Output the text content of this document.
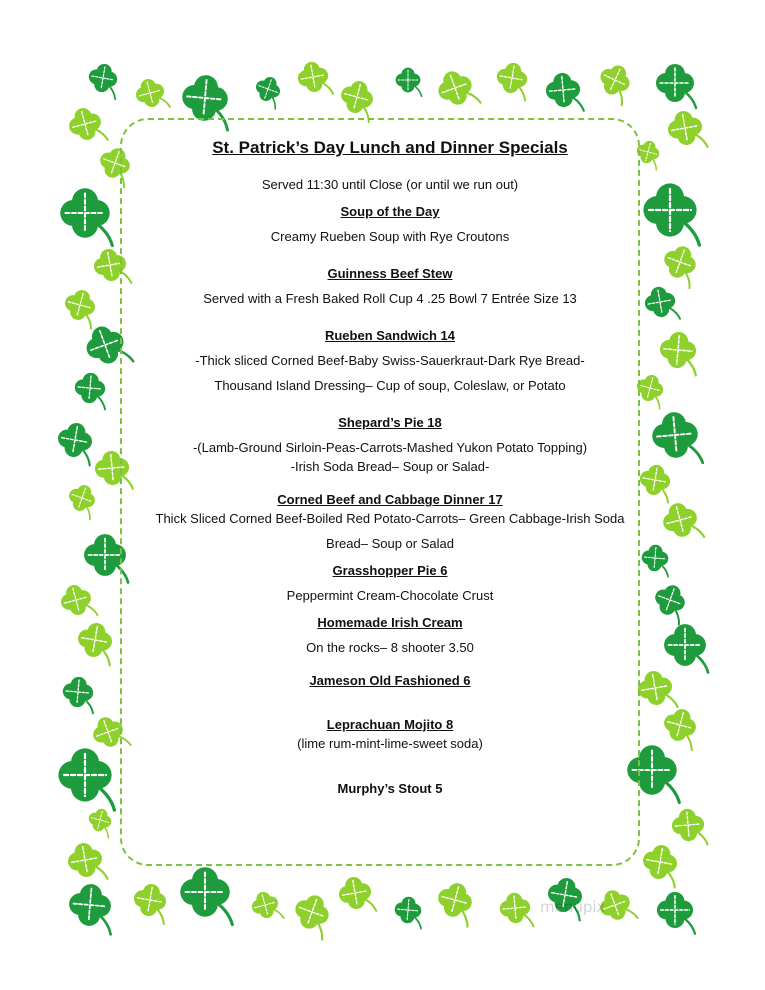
St. Patrick’s Day Lunch and Dinner Specials

Served 11:30 until Close (or until we run out)

Soup of the Day

Creamy Rueben Soup with Rye Croutons

Guinness Beef Stew

Served with a Fresh Baked Roll Cup 4 .25 Bowl 7 Entrée Size 13

Rueben Sandwich 14

-Thick sliced Corned Beef-Baby Swiss-Sauerkraut-Dark Rye Bread-

Thousand Island Dressing– Cup of soup, Coleslaw, or Potato

Shepard’s Pie 18

-(Lamb-Ground Sirloin-Peas-Carrots-Mashed Yukon Potato Topping)

-Irish Soda Bread– Soup or Salad-

Corned Beef and Cabbage Dinner 17

Thick Sliced Corned Beef-Boiled Red Potato-Carrots– Green Cabbage-Irish Soda

Bread– Soup or Salad

Grasshopper Pie 6

Peppermint Cream-Chocolate Crust

Homemade Irish Cream

On the rocks– 8 shooter 3.50

Jameson Old Fashioned 6

Leprachuan Mojito 8

(lime rum-mint-lime-sweet soda)

Murphy’s Stout 5

menupix
